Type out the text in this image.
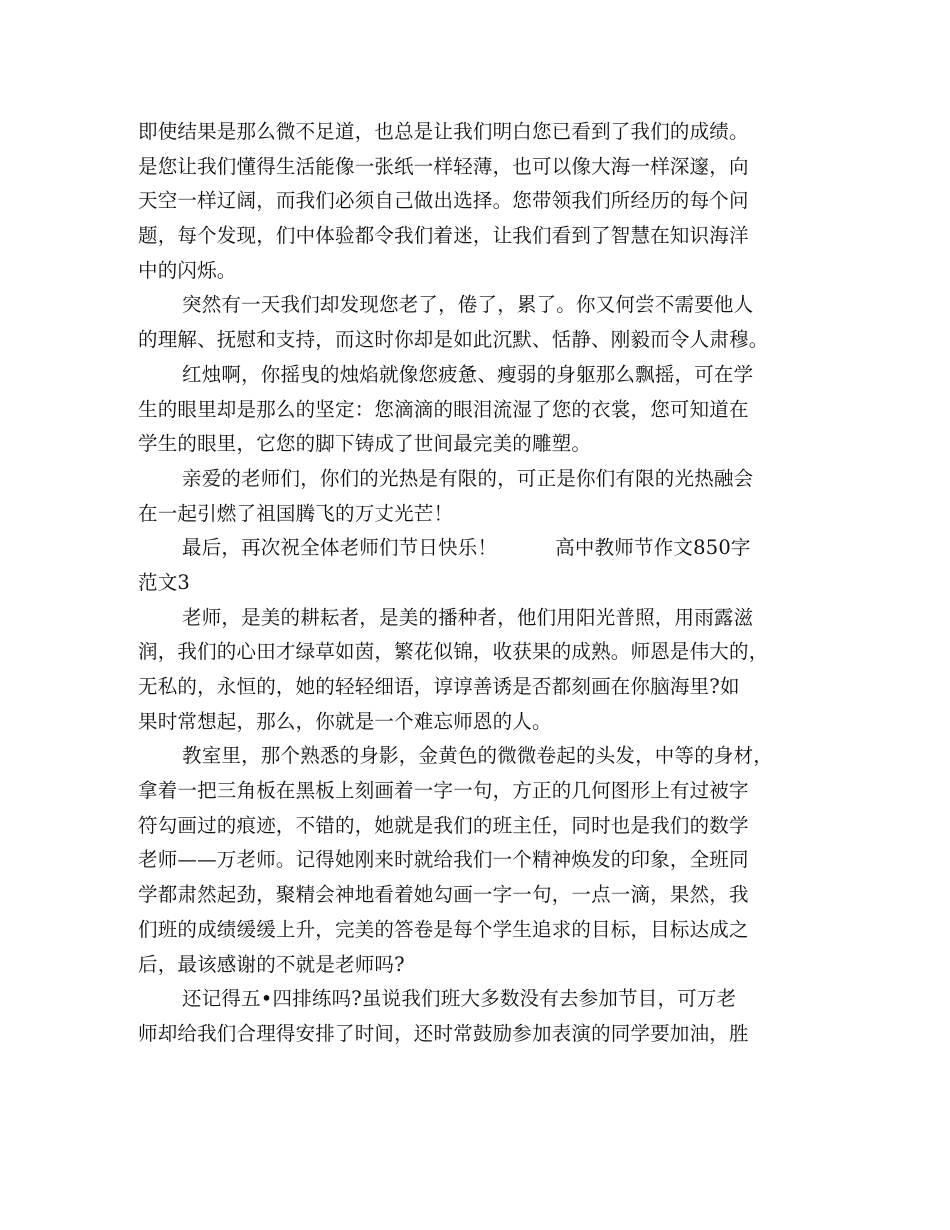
即使结果是那么微不足道，也总是让我们明白您已看到了我们的成绩。
是您让我们懂得生活能像一张纸一样轻薄，也可以像大海一样深邃，向
天空一样辽阔，而我们必须自己做出选择。您带领我们所经历的每个问
题，每个发现，们中体验都令我们着迷，让我们看到了智慧在知识海洋
中的闪烁。
突然有一天我们却发现您老了，倦了，累了。你又何尝不需要他人
的理解、抚慰和支持，而这时你却是如此沉默、恬静、刚毅而令人肃穆。
红烛啊，你摇曳的烛焰就像您疲惫、瘦弱的身躯那么飘摇，可在学
生的眼里却是那么的坚定：您滴滴的眼泪流湿了您的衣裳，您可知道在
学生的眼里，它您的脚下铸成了世间最完美的雕塑。
亲爱的老师们，你们的光热是有限的，可正是你们有限的光热融会
在一起引燃了祖国腾飞的万丈光芒！
最后，再次祝全体老师们节日快乐！	高中教师节作文850字
范文3
老师，是美的耕耘者，是美的播种者，他们用阳光普照，用雨露滋
润，我们的心田才绿草如茵，繁花似锦，收获果的成熟。师恩是伟大的，
无私的，永恒的，她的轻轻细语，谆谆善诱是否都刻画在你脑海里?如
果时常想起，那么，你就是一个难忘师恩的人。
教室里，那个熟悉的身影，金黄色的微微卷起的头发，中等的身材，
拿着一把三角板在黑板上刻画着一字一句，方正的几何图形上有过被字
符勾画过的痕迹，不错的，她就是我们的班主任，同时也是我们的数学
老师——万老师。记得她刚来时就给我们一个精神焕发的印象，全班同
学都肃然起劲，聚精会神地看着她勾画一字一句，一点一滴，果然，我
们班的成绩缓缓上升，完美的答卷是每个学生追求的目标，目标达成之
后，最该感谢的不就是老师吗?
还记得五•四排练吗?虽说我们班大多数没有去参加节目，可万老
师却给我们合理得安排了时间，还时常鼓励参加表演的同学要加油，胜
